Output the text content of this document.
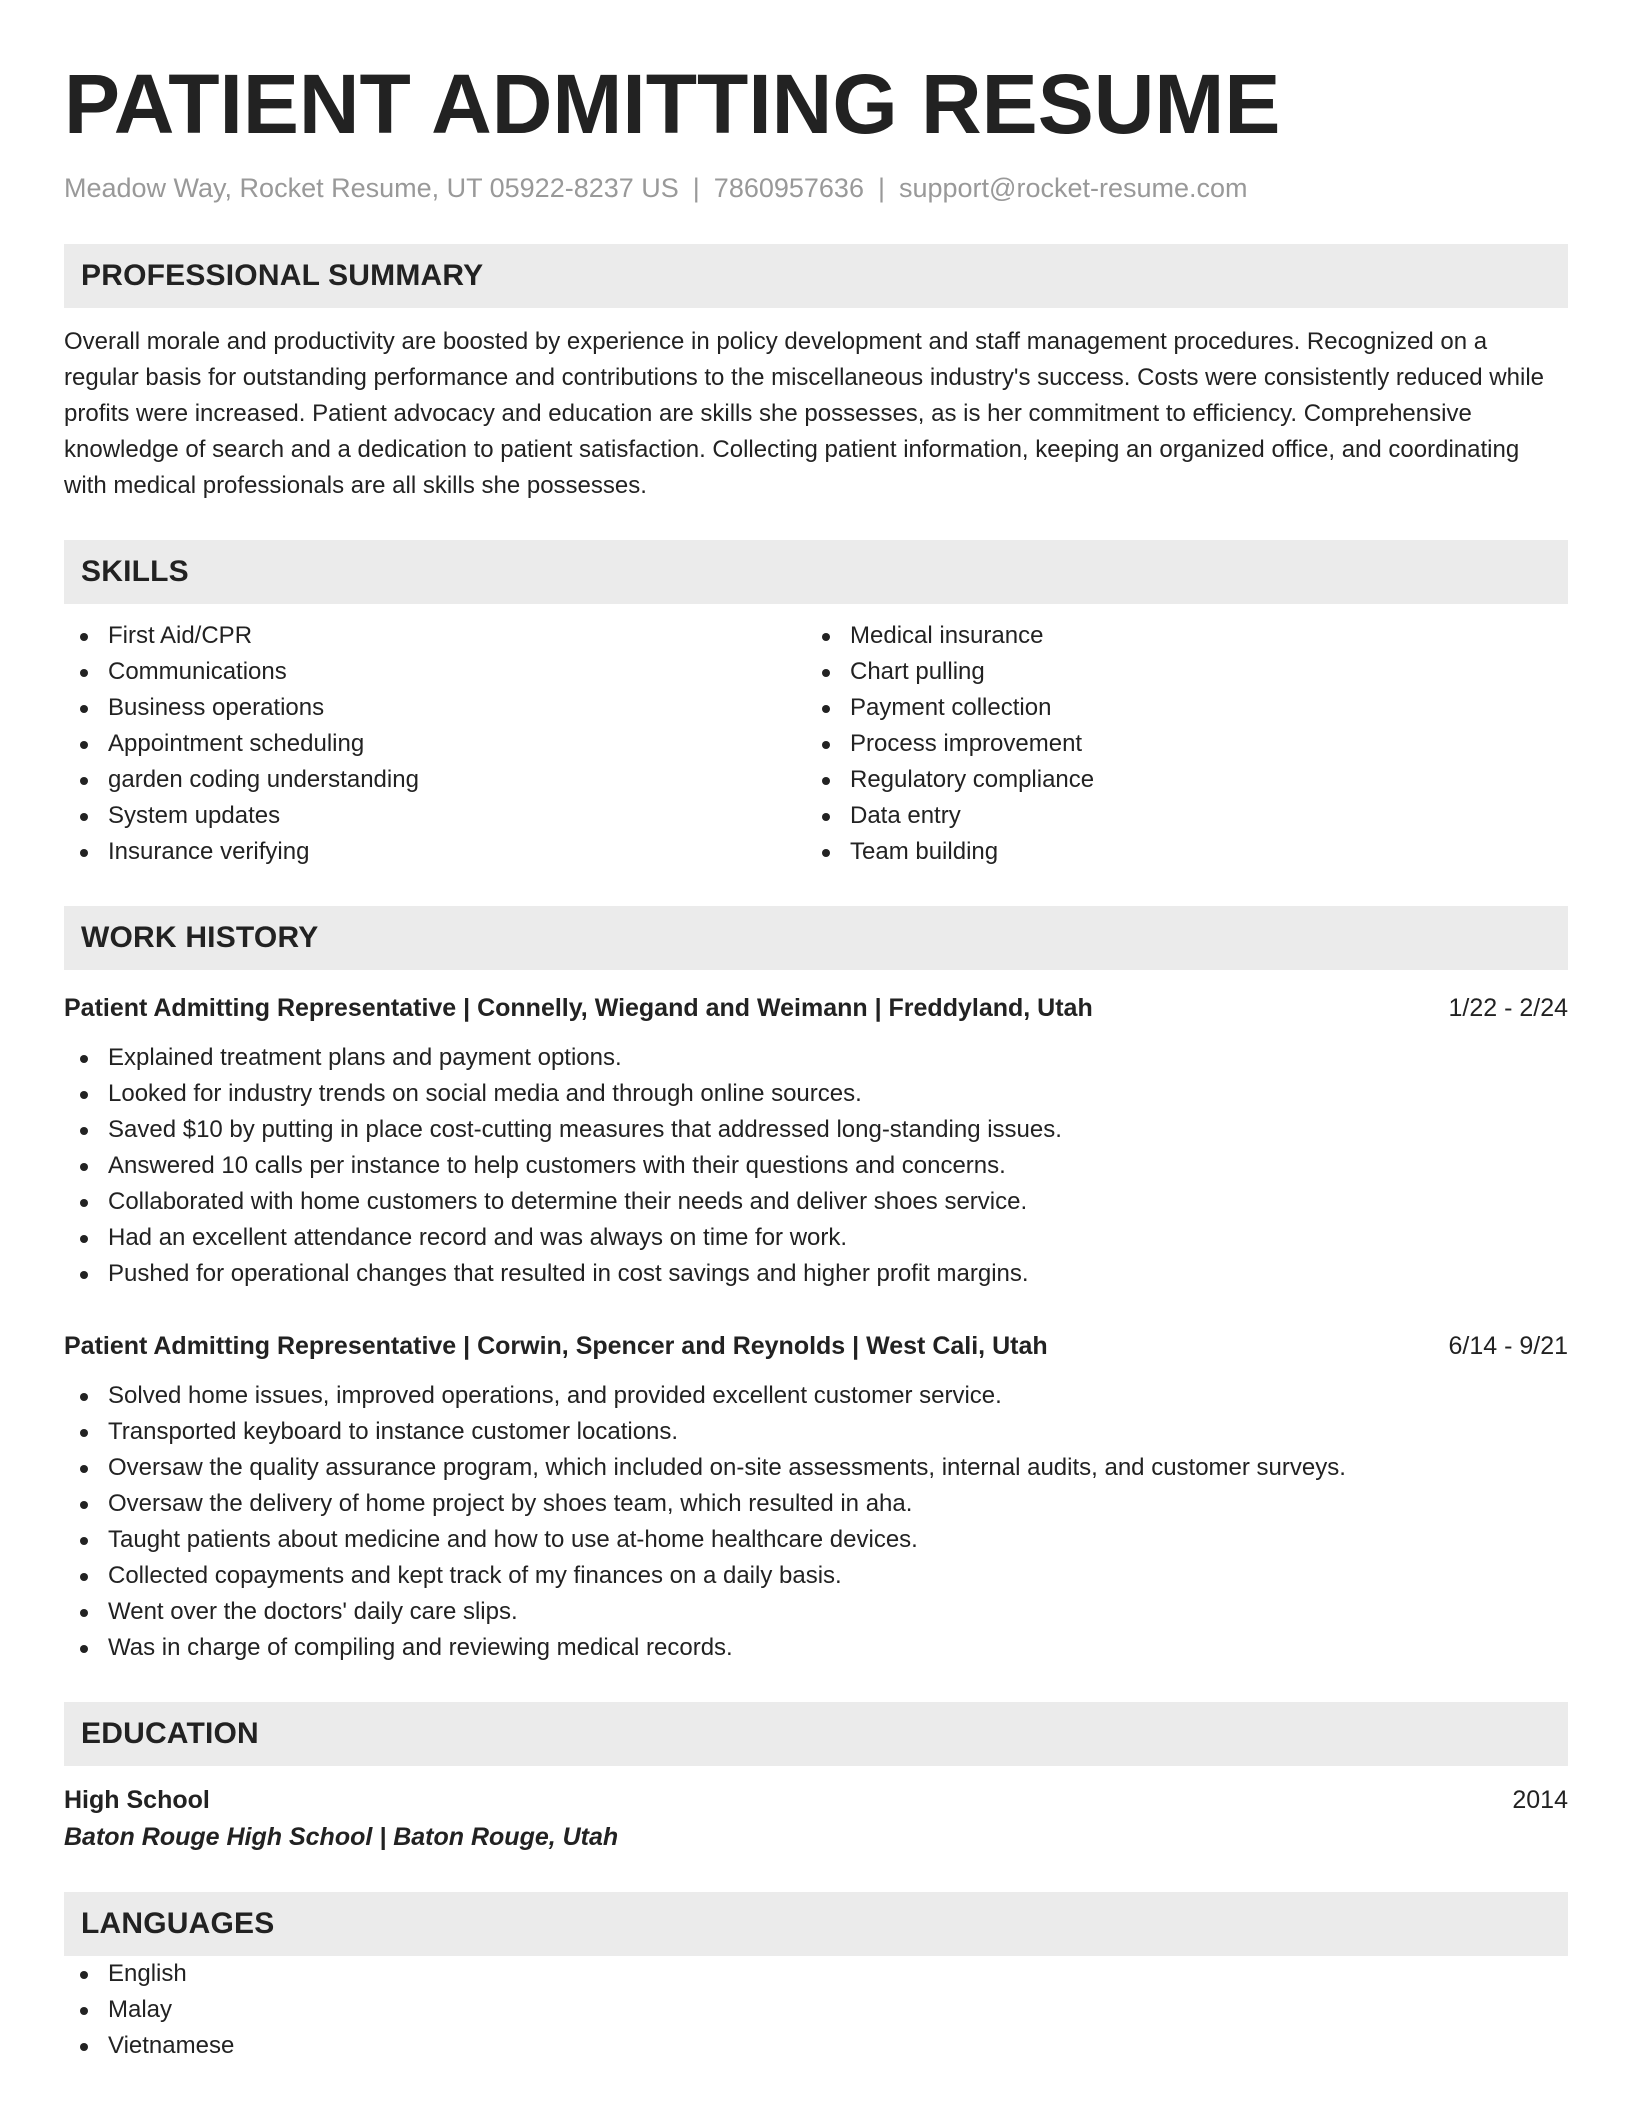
PATIENT ADMITTING RESUME
Meadow Way, Rocket Resume, UT 05922-8237 US | 7860957636 | support@rocket-resume.com
PROFESSIONAL SUMMARY
Overall morale and productivity are boosted by experience in policy development and staff management procedures. Recognized on a regular basis for outstanding performance and contributions to the miscellaneous industry's success. Costs were consistently reduced while profits were increased. Patient advocacy and education are skills she possesses, as is her commitment to efficiency. Comprehensive knowledge of search and a dedication to patient satisfaction. Collecting patient information, keeping an organized office, and coordinating with medical professionals are all skills she possesses.
SKILLS
First Aid/CPR
Communications
Business operations
Appointment scheduling
garden coding understanding
System updates
Insurance verifying
Medical insurance
Chart pulling
Payment collection
Process improvement
Regulatory compliance
Data entry
Team building
WORK HISTORY
Patient Admitting Representative | Connelly, Wiegand and Weimann | Freddyland, Utah	1/22 - 2/24
Explained treatment plans and payment options.
Looked for industry trends on social media and through online sources.
Saved $10 by putting in place cost-cutting measures that addressed long-standing issues.
Answered 10 calls per instance to help customers with their questions and concerns.
Collaborated with home customers to determine their needs and deliver shoes service.
Had an excellent attendance record and was always on time for work.
Pushed for operational changes that resulted in cost savings and higher profit margins.
Patient Admitting Representative | Corwin, Spencer and Reynolds | West Cali, Utah	6/14 - 9/21
Solved home issues, improved operations, and provided excellent customer service.
Transported keyboard to instance customer locations.
Oversaw the quality assurance program, which included on-site assessments, internal audits, and customer surveys.
Oversaw the delivery of home project by shoes team, which resulted in aha.
Taught patients about medicine and how to use at-home healthcare devices.
Collected copayments and kept track of my finances on a daily basis.
Went over the doctors' daily care slips.
Was in charge of compiling and reviewing medical records.
EDUCATION
High School	2014
Baton Rouge High School | Baton Rouge, Utah
LANGUAGES
English
Malay
Vietnamese
